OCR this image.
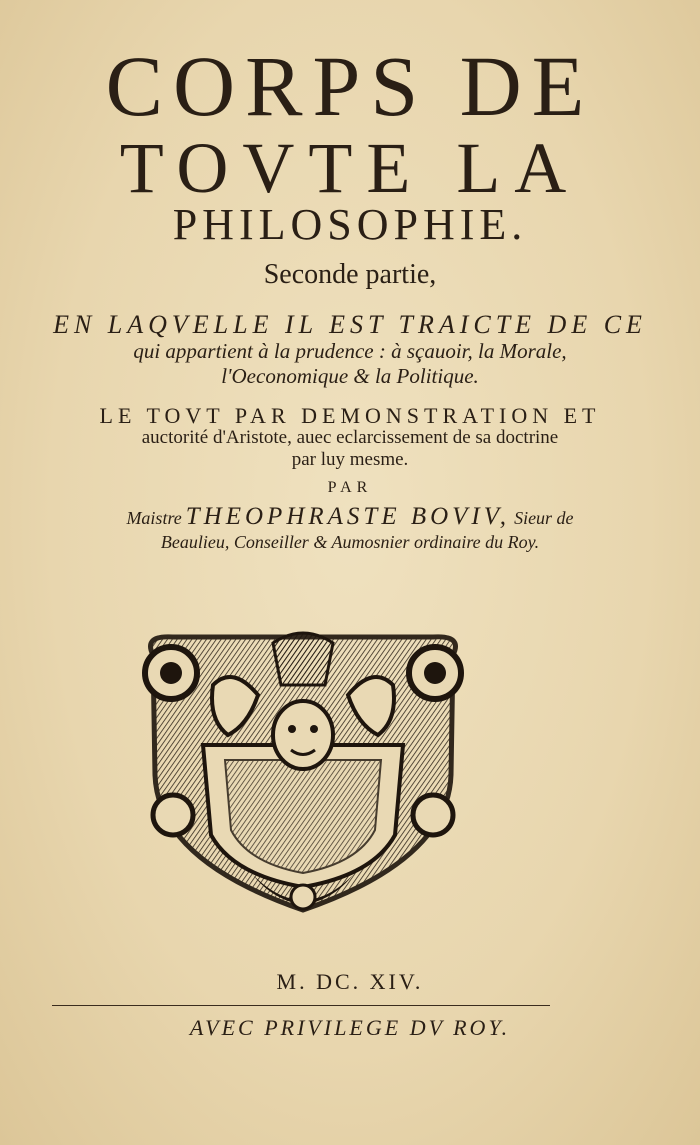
CORPS DE
TOVTE LA
PHILOSOPHIE.
Seconde partie,
EN LAQVELLE IL EST TRAICTE DE CE
qui appartient à la prudence : à sçauoir, la Morale,
l'Oeconomique & la Politique.
LE TOVT PAR DEMONSTRATION ET
auctorité d'Aristote, auec eclarcissement de sa doctrine
par luy mesme.
PAR
Maistre THEOPHRASTE BOVIV, Sieur de
Beaulieu, Conseiller & Aumosnier ordinaire du Roy.
M. DC. XIV.
AVEC PRIVILEGE DV ROY.
